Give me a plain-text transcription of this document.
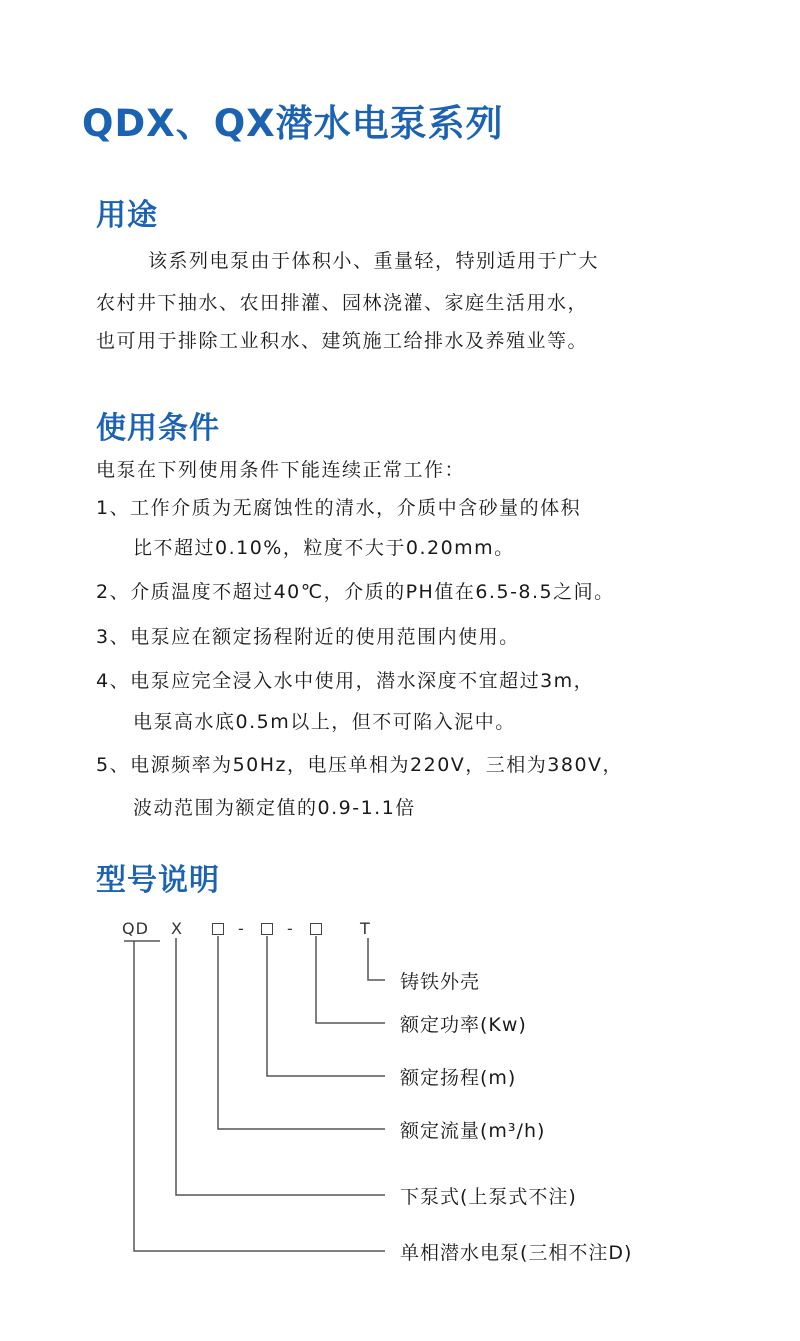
QDX、QX潜水电泵系列
用途
该系列电泵由于体积小、重量轻，特别适用于广大
农村井下抽水、农田排灌、园林浇灌、家庭生活用水，
也可用于排除工业积水、建筑施工给排水及养殖业等。
使用条件
电泵在下列使用条件下能连续正常工作：
1、工作介质为无腐蚀性的清水，介质中含砂量的体积
比不超过0.10%，粒度不大于0.20mm。
2、介质温度不超过40℃，介质的PH值在6.5-8.5之间。
3、电泵应在额定扬程附近的使用范围内使用。
4、电泵应完全浸入水中使用，潜水深度不宜超过3m，
电泵高水底0.5m以上，但不可陷入泥中。
5、电源频率为50Hz，电压单相为220V，三相为380V，
波动范围为额定值的0.9-1.1倍
型号说明
QD X	-	-	T
铸铁外壳
额定功率(Kw)
额定扬程(m)
额定流量(m³/h)
下泵式(上泵式不注)
单相潜水电泵(三相不注D)
